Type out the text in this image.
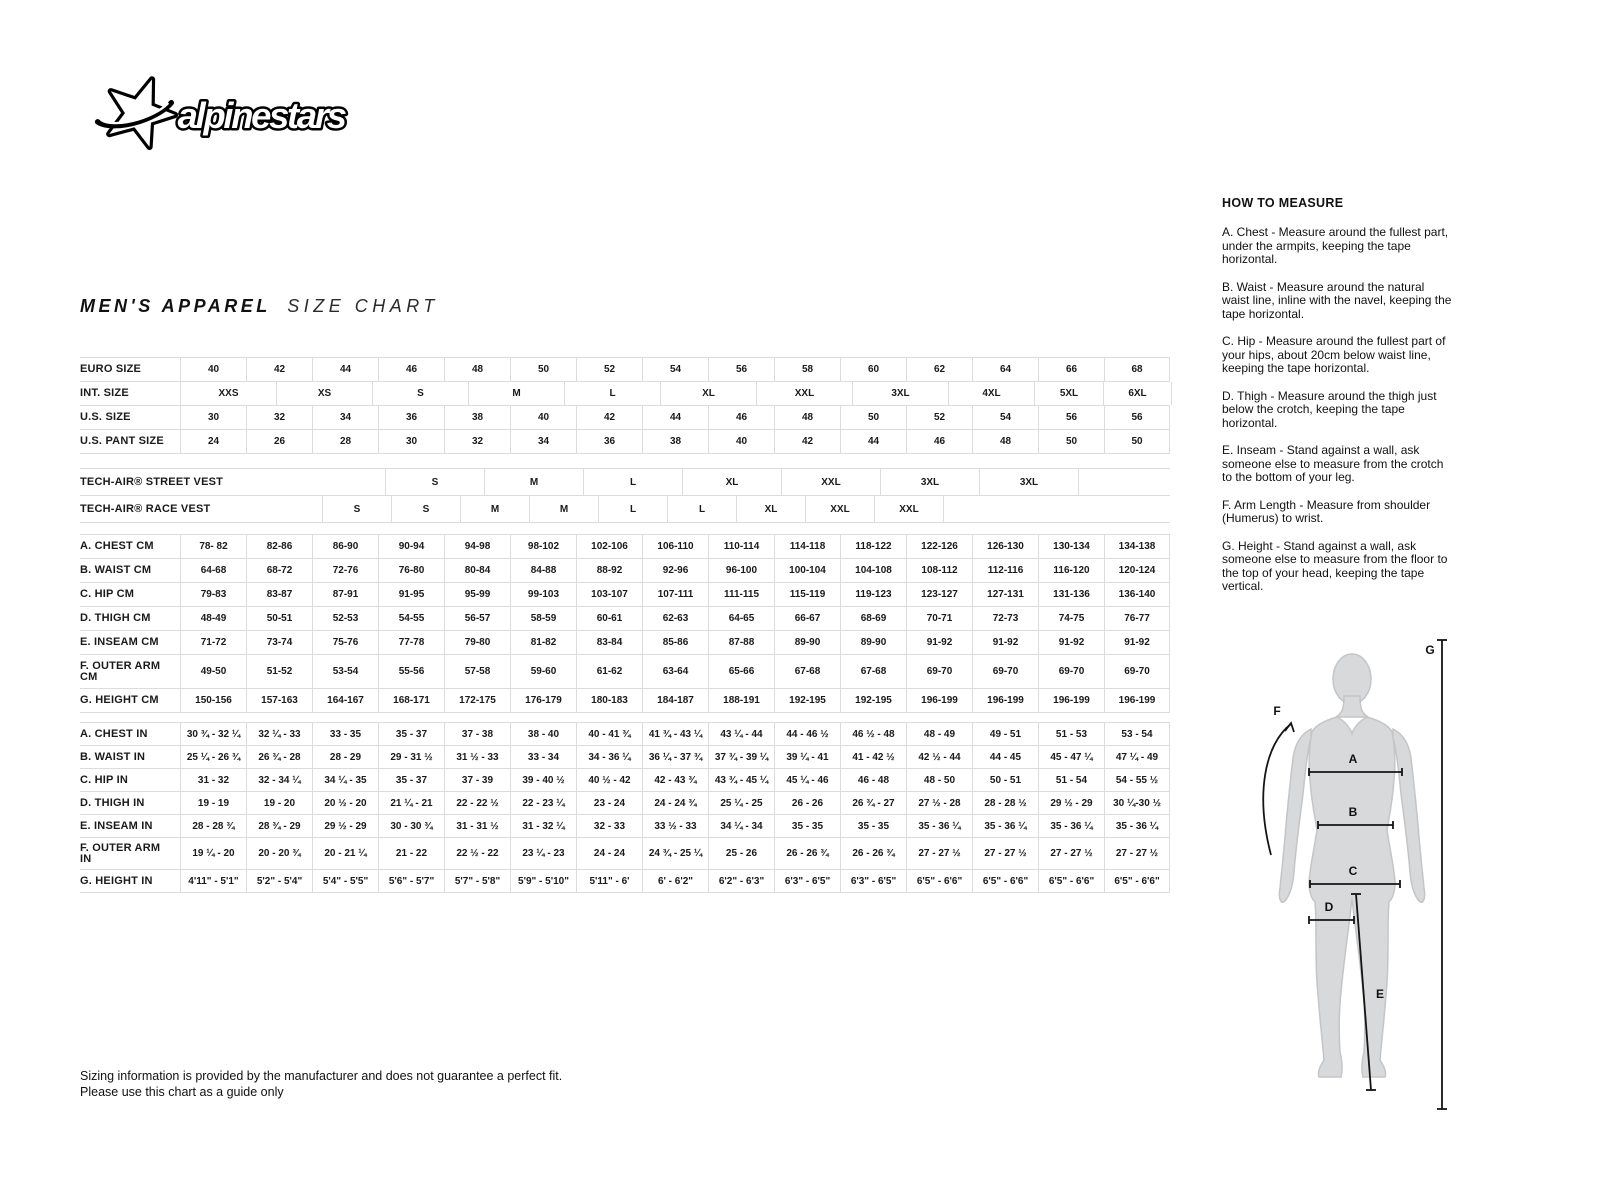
alpinestars
MEN'S APPAREL SIZE CHART
EURO SIZE	40	42	44	46	48	50	52	54	56	58	60	62	64	66	68
INT. SIZE	XXS	XS	S	M	L	XL	XXL	3XL	4XL	5XL	6XL
U.S. SIZE	30	32	34	36	38	40	42	44	46	48	50	52	54	56	56
U.S. PANT SIZE	24	26	28	30	32	34	36	38	40	42	44	46	48	50	50
TECH-AIR® STREET VEST	S	M	L	XL	XXL	3XL	3XL
TECH-AIR® RACE VEST	S	S	M	M	L	L	XL	XXL	XXL
A. CHEST CM	78- 82	82-86	86-90	90-94	94-98	98-102	102-106	106-110	110-114	114-118	118-122	122-126	126-130	130-134	134-138
B. WAIST CM	64-68	68-72	72-76	76-80	80-84	84-88	88-92	92-96	96-100	100-104	104-108	108-112	112-116	116-120	120-124
C. HIP CM	79-83	83-87	87-91	91-95	95-99	99-103	103-107	107-111	111-115	115-119	119-123	123-127	127-131	131-136	136-140
D. THIGH CM	48-49	50-51	52-53	54-55	56-57	58-59	60-61	62-63	64-65	66-67	68-69	70-71	72-73	74-75	76-77
E. INSEAM CM	71-72	73-74	75-76	77-78	79-80	81-82	83-84	85-86	87-88	89-90	89-90	91-92	91-92	91-92	91-92
F. OUTER ARM
CM	49-50	51-52	53-54	55-56	57-58	59-60	61-62	63-64	65-66	67-68	67-68	69-70	69-70	69-70	69-70
G. HEIGHT CM	150-156	157-163	164-167	168-171	172-175	176-179	180-183	184-187	188-191	192-195	192-195	196-199	196-199	196-199	196-199
A. CHEST IN	30 ¾ - 32 ¼	32 ¼ - 33	33 - 35	35 - 37	37 - 38	38 - 40	40 - 41 ¾	41 ¾ - 43 ¼	43 ¼ - 44	44 - 46 ½	46 ½ - 48	48 - 49	49 - 51	51 - 53	53 - 54
B. WAIST IN	25 ¼ - 26 ¾	26 ¾ - 28	28 - 29	29 - 31 ½	31 ½ - 33	33 - 34	34 - 36 ¼	36 ¼ - 37 ¾	37 ¾ - 39 ¼	39 ¼ - 41	41 - 42 ½	42 ½ - 44	44 - 45	45 - 47 ¼	47 ¼ - 49
C. HIP IN	31 - 32	32 - 34 ¼	34 ¼ - 35	35 - 37	37 - 39	39 - 40 ½	40 ½ - 42	42 - 43 ¾	43 ¾ - 45 ¼	45 ¼ - 46	46 - 48	48 - 50	50 - 51	51 - 54	54 - 55 ½
D. THIGH IN	19 - 19	19 - 20	20 ½ - 20	21 ¼ - 21	22 - 22 ½	22 - 23 ¼	23 - 24	24 - 24 ¾	25 ¼ - 25	26 - 26	26 ¾ - 27	27 ½ - 28	28 - 28 ½	29 ½ - 29	30 ¼-30 ½
E. INSEAM IN	28 - 28 ¾	28 ¾ - 29	29 ½ - 29	30 - 30 ¾	31 - 31 ½	31 - 32 ¼	32 - 33	33 ½ - 33	34 ¼ - 34	35 - 35	35 - 35	35 - 36 ¼	35 - 36 ¼	35 - 36 ¼	35 - 36 ¼
F. OUTER ARM
IN	19 ¼ - 20	20 - 20 ¾	20 - 21 ¼	21 - 22	22 ½ - 22	23 ¼ - 23	24 - 24	24 ¾ - 25 ¼	25 - 26	26 - 26 ¾	26 - 26 ¾	27 - 27 ½	27 - 27 ½	27 - 27 ½	27 - 27 ½
G. HEIGHT IN	4'11" - 5'1"	5'2" - 5'4"	5'4" - 5'5"	5'6" - 5'7"	5'7" - 5'8"	5'9" - 5'10"	5'11" - 6'	6' - 6'2"	6'2" - 6'3"	6'3" - 6'5"	6'3" - 6'5"	6'5" - 6'6"	6'5" - 6'6"	6'5" - 6'6"	6'5" - 6'6"
HOW TO MEASURE

A. Chest - Measure around the fullest part, under the armpits, keeping the tape horizontal.

B. Waist - Measure around the natural waist line, inline with the navel, keeping the tape horizontal.

C. Hip - Measure around the fullest part of your hips, about 20cm below waist line, keeping the tape horizontal.

D. Thigh - Measure around the thigh just below the crotch, keeping the tape horizontal.

E. Inseam - Stand against a wall, ask someone else to measure from the crotch to the bottom of your leg.

F. Arm Length - Measure from shoulder (Humerus) to wrist.

G. Height - Stand against a wall, ask someone else to measure from the floor to the top of your head, keeping the tape vertical.

A
B
C
D
E
F
G
Sizing information is provided by the manufacturer and does not guarantee a perfect fit.
Please use this chart as a guide only
